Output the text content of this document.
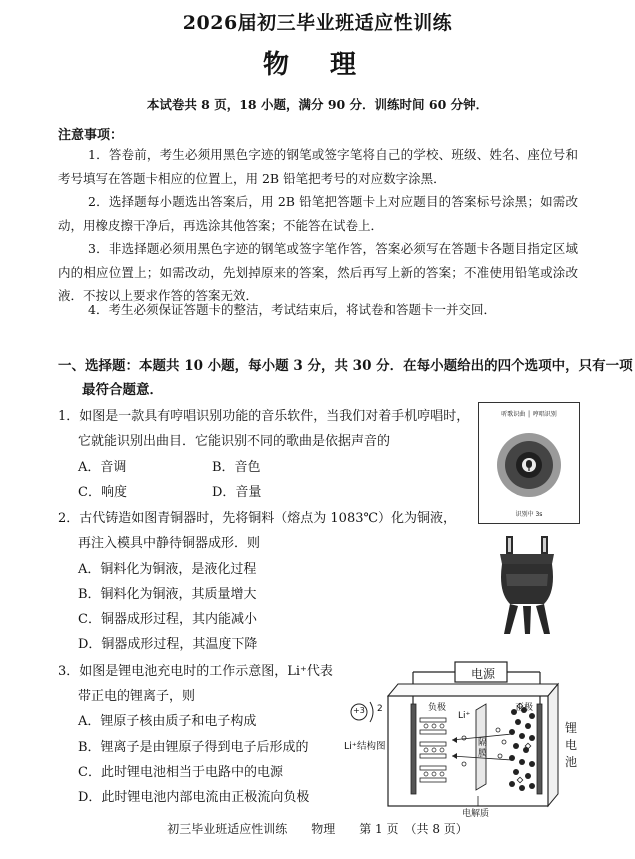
2026届初三毕业班适应性训练
物 理
本试卷共 8 页，18 小题，满分 90 分．训练时间 60 分钟．
注意事项：

1．答卷前，考生必须用黑色字迹的钢笔或签字笔将自己的学校、班级、姓名、座位号和考号填写在答题卡相应的位置上，用 2B 铅笔把考号的对应数字涂黑．

2．选择题每小题选出答案后，用 2B 铅笔把答题卡上对应题目的答案标号涂黑；如需改动，用橡皮擦干净后，再选涂其他答案；不能答在试卷上．

3．非选择题必须用黑色字迹的钢笔或签字笔作答，答案必须写在答题卡各题目指定区域内的相应位置上；如需改动，先划掉原来的答案，然后再写上新的答案；不准使用铅笔或涂改液．不按以上要求作答的答案无效．

4．考生必须保证答题卡的整洁，考试结束后，将试卷和答题卡一并交回．

一、选择题：本题共 10 小题，每小题 3 分，共 30 分．在每小题给出的四个选项中，只有一项
最符合题意．
1．如图是一款具有哼唱识别功能的音乐软件，当我们对着手机哼唱时，
它就能识别出曲目．它能识别不同的歌曲是依据声音的
A．音调	B．音色
C．响度	D．音量
听歌识曲 │ 哼唱识别
识别中 3s
2．古代铸造如图青铜器时，先将铜料（熔点为 1083℃）化为铜液，
再注入模具中静待铜器成形．则
A．铜料化为铜液，是液化过程
B．铜料化为铜液，其质量增大
C．铜器成形过程，其内能减小
D．铜器成形过程，其温度下降
3．如图是锂电池充电时的工作示意图，Li⁺代表
带正电的锂离子，则
A．锂原子核由质子和电子构成
B．锂离子是由锂原子得到电子后形成的
C．此时锂电池相当于电路中的电源
D．此时锂电池内部电流由正极流向负极
电源
负极	正极
+3 2
Li⁺结构图
Li⁺
隔膜
电解质
锂电池
初三毕业班适应性训练　　物理　　第 1 页　（共 8 页）
